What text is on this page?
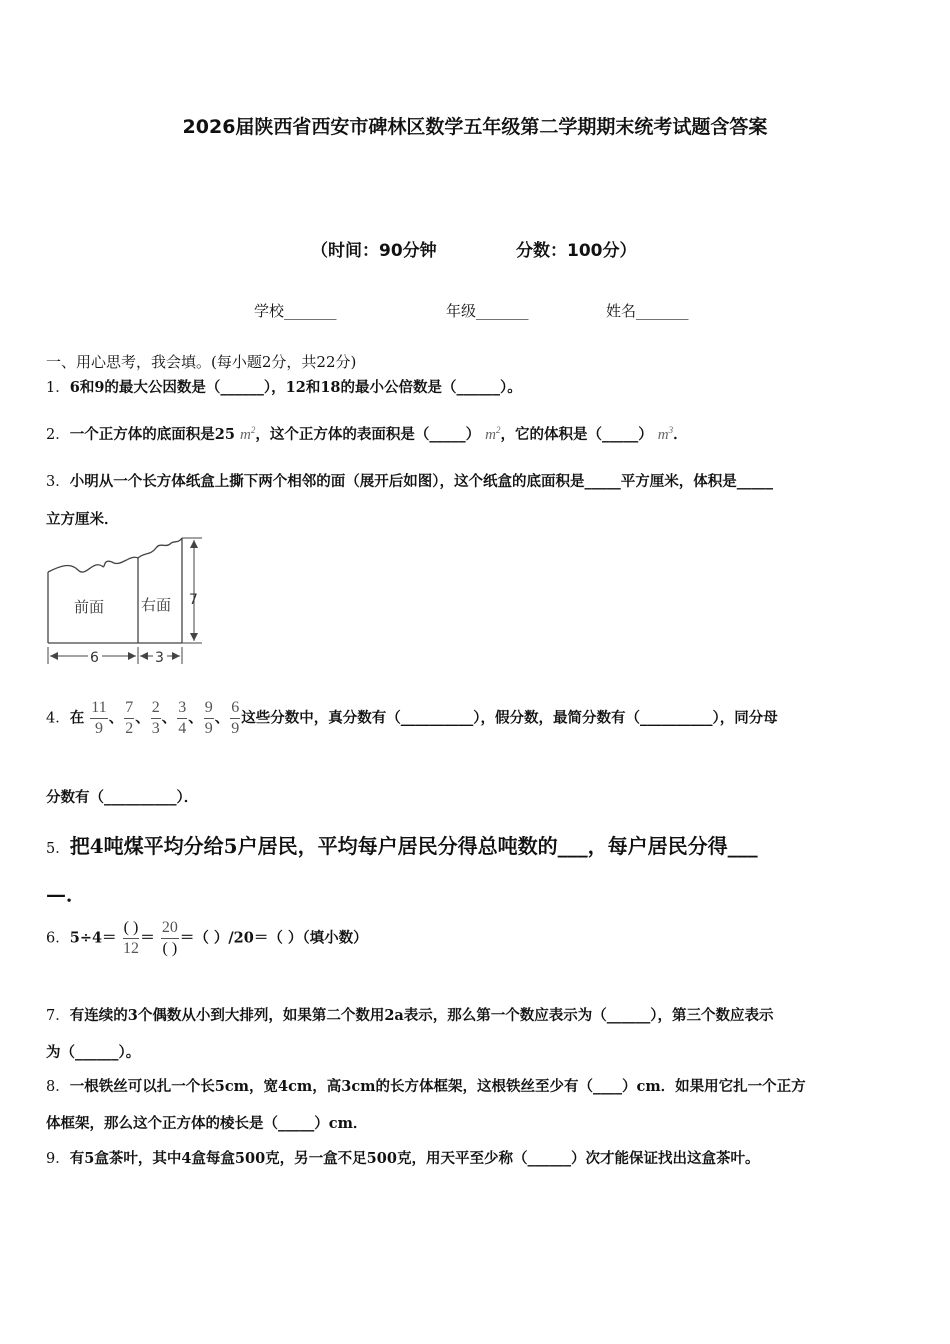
2026届陕西省西安市碑林区数学五年级第二学期期末统考试题含答案
（时间：90分钟	分数：100分）
学校_______	年级_______	姓名_______
一、用心思考，我会填。(每小题2分，共22分)
1．6和9的最大公因数是（______），12和18的最小公倍数是（______）。
2．一个正方体的底面积是25 $m^2$，这个正方体的表面积是（_____） $m^2$，它的体积是（_____） $m^3$．
3．小明从一个长方体纸盒上撕下两个相邻的面（展开后如图），这个纸盒的底面积是_____平方厘米，体积是_____
立方厘米．
前面 右面 7
6	3
4．在 $\frac{11}{9}$ 、 $\frac{7}{2}$ 、 $\frac{2}{3}$ 、 $\frac{3}{4}$ 、 $\frac{9}{9}$ 、 $\frac{6}{9}$ 这些分数中，真分数有（__________），假分数，最简分数有（__________），同分母
分数有（__________）．
5．把4吨煤平均分给5户居民，平均每户居民分得总吨数的___，每户居民分得___
—．
6．$5\div 4= \frac{( )}{12} = \frac{20}{( )}$ ＝（ ）/20＝（ ）（填小数）
7．有连续的3个偶数从小到大排列，如果第二个数用2a表示，那么第一个数应表示为（______），第三个数应表示
为（______）。
8．一根铁丝可以扎一个长5cm，宽4cm，高3cm的长方体框架，这根铁丝至少有（____）cm．如果用它扎一个正方
体框架，那么这个正方体的棱长是（_____）cm．
9．有5盒茶叶，其中4盒每盒500克，另一盒不足500克，用天平至少称（______）次才能保证找出这盒茶叶。
